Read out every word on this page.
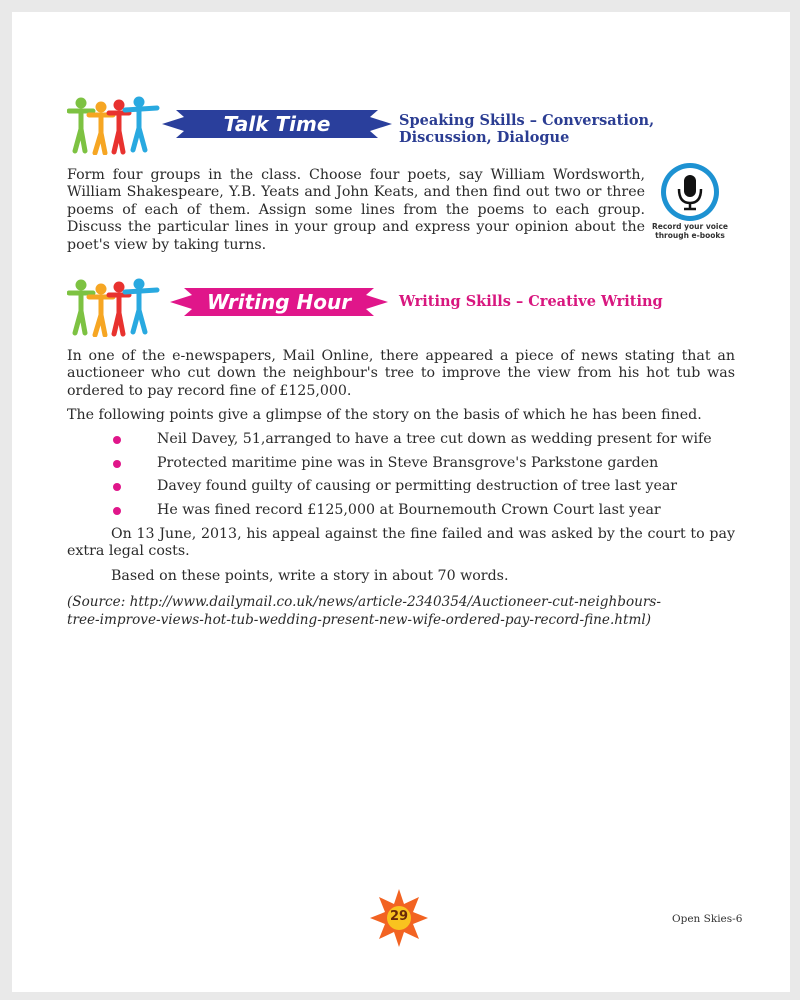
Talk Time	Speaking Skills – Conversation,
Discussion, Dialogue

Form four groups in the class. Choose four poets, say William Wordsworth, William Shakespeare, Y.B. Yeats and John Keats, and then find out two or three poems of each of them. Assign some lines from the poems to each group. Discuss the particular lines in your group and express your opinion about the poet's view by taking turns.

Record your voice
through e-books
Writing Hour	Writing Skills – Creative Writing

In one of the e-newspapers, Mail Online, there appeared a piece of news stating that an auctioneer who cut down the neighbour's tree to improve the view from his hot tub was ordered to pay record fine of £125,000.

The following points give a glimpse of the story on the basis of which he has been fined.

Neil Davey, 51,arranged to have a tree cut down as wedding present for wife
Protected maritime pine was in Steve Bransgrove's Parkstone garden
Davey found guilty of causing or permitting destruction of tree last year
He was fined record £125,000 at Bournemouth Crown Court last year

On 13 June, 2013, his appeal against the fine failed and was asked by the court to pay extra legal costs.

Based on these points, write a story in about 70 words.

(Source: http://www.dailymail.co.uk/news/article-2340354/Auctioneer-cut-neighbours-
tree-improve-views-hot-tub-wedding-present-new-wife-ordered-pay-record-fine.html)
29	Open Skies-6
